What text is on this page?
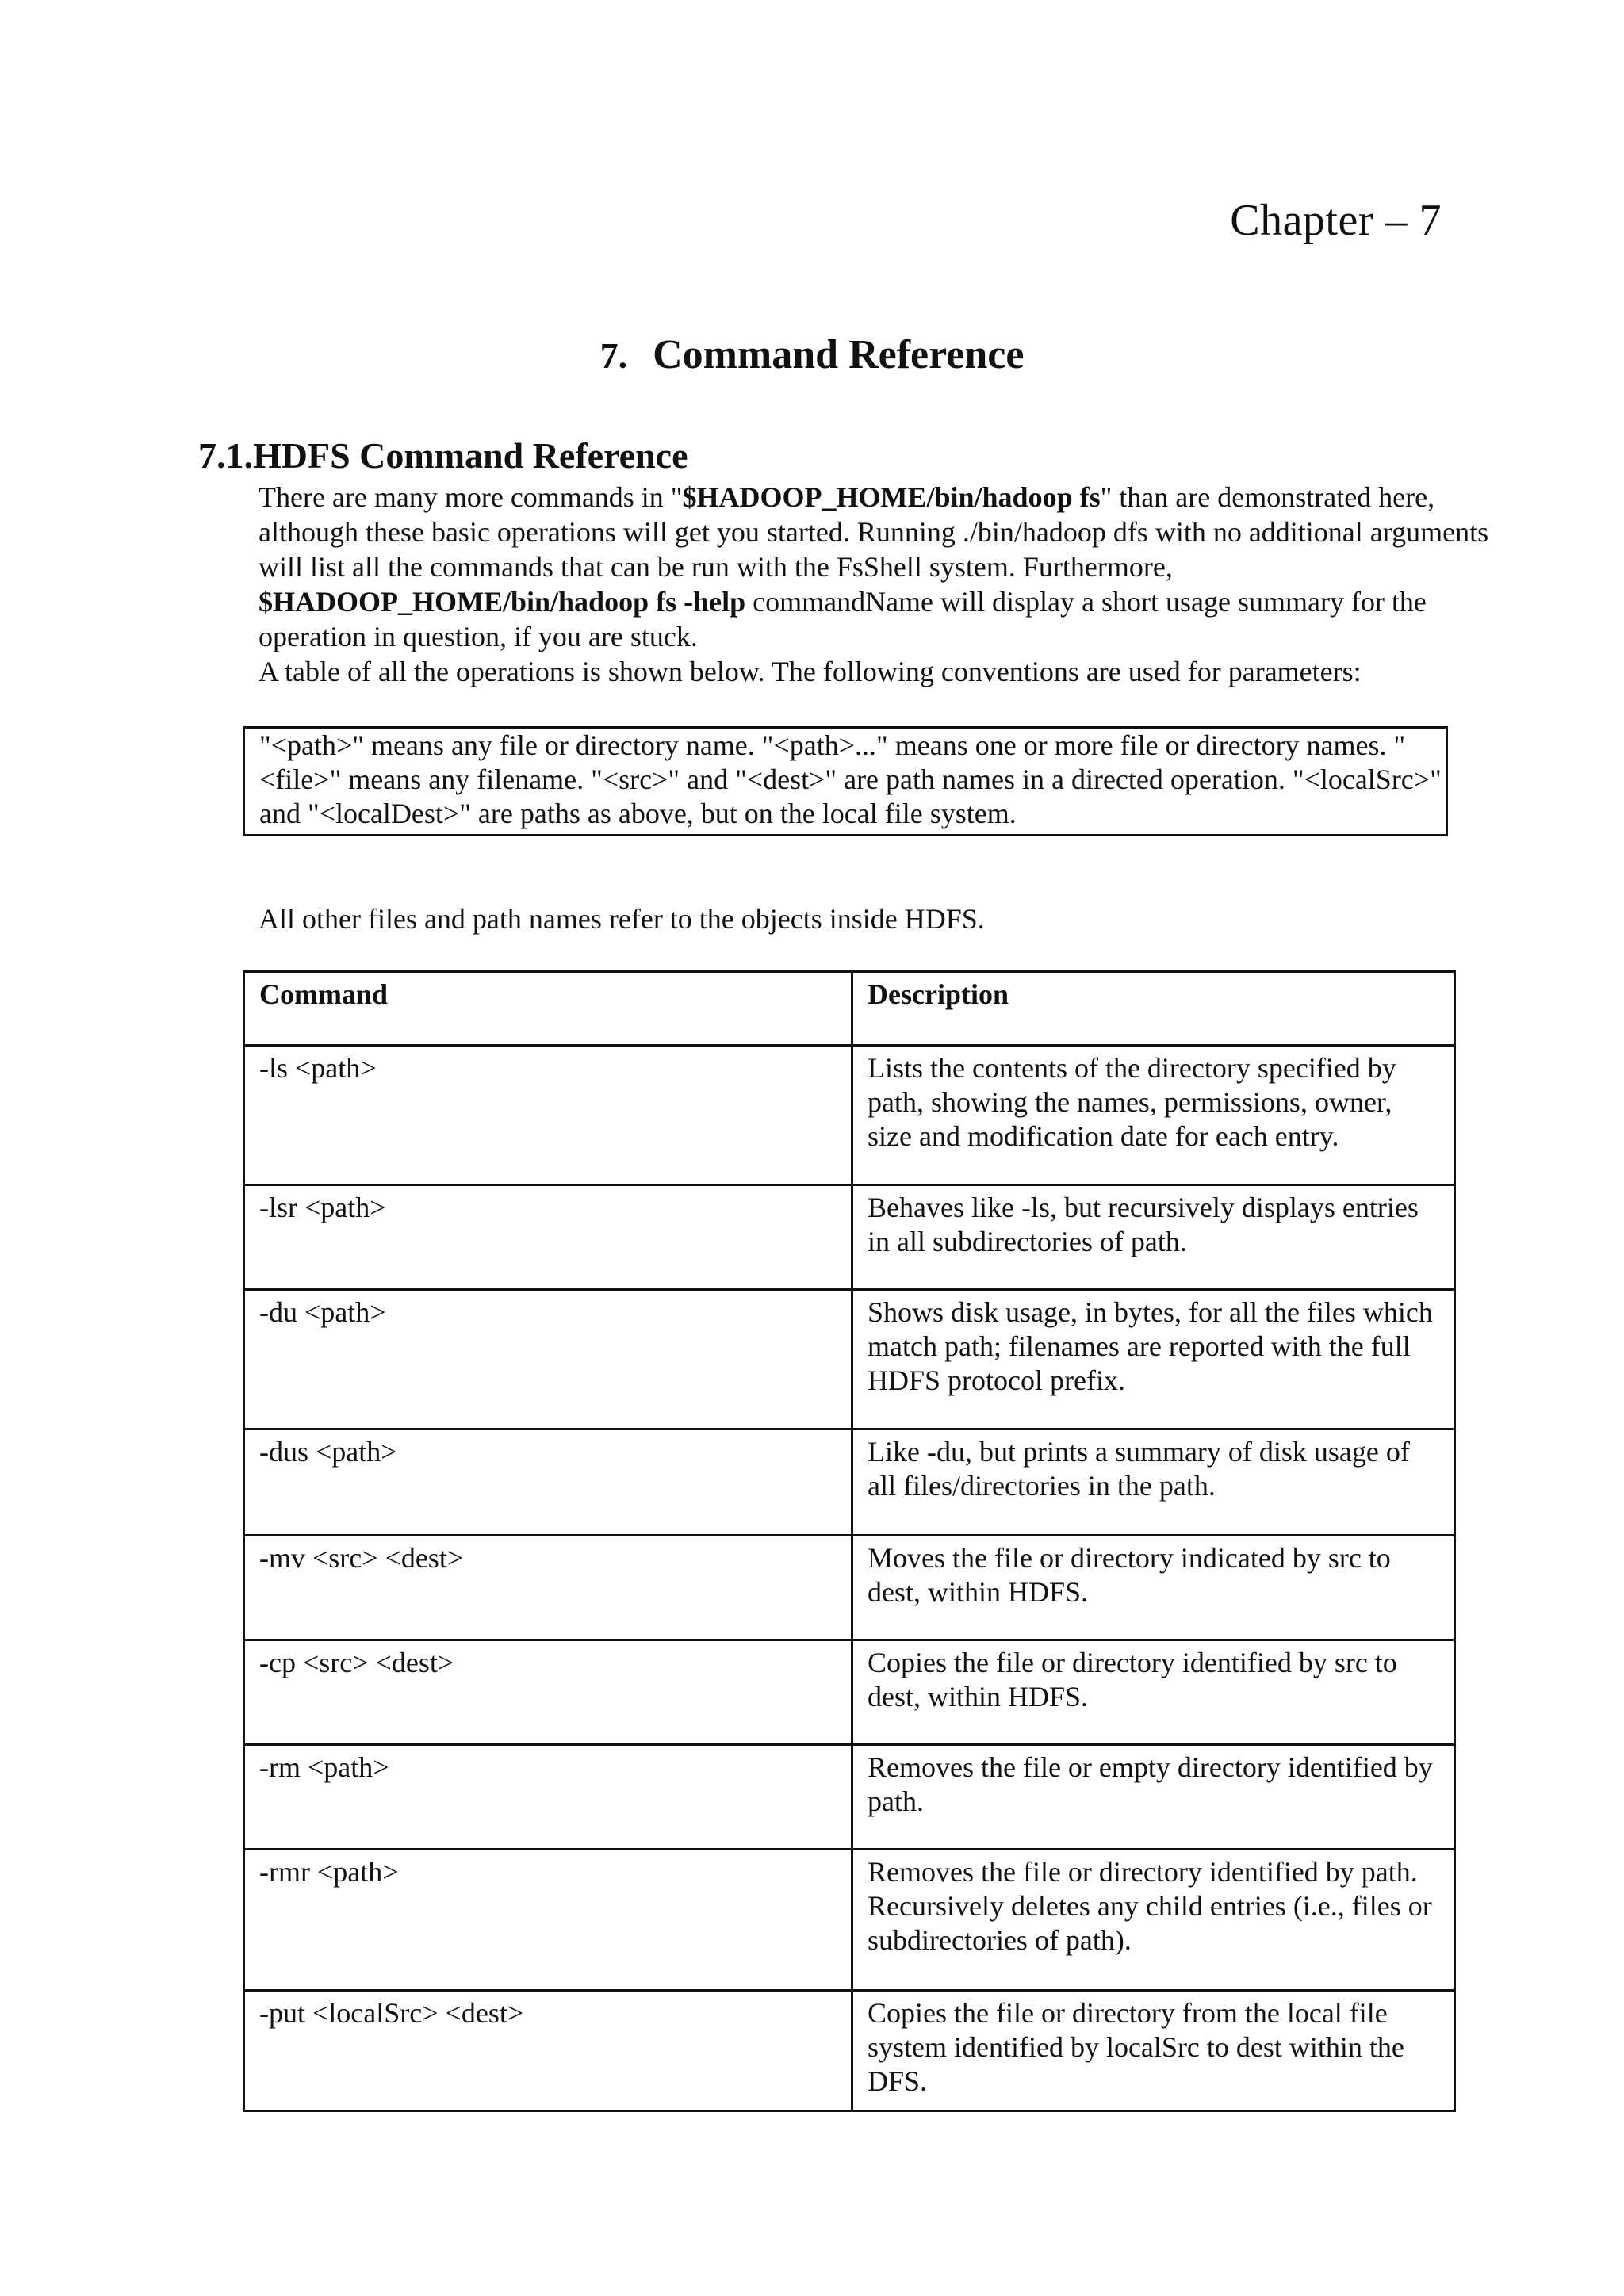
Chapter – 7
7. Command Reference
7.1.HDFS Command Reference

There are many more commands in "$HADOOP_HOME/bin/hadoop fs" than are demonstrated here, although these basic operations will get you started. Running ./bin/hadoop dfs with no additional arguments will list all the commands that can be run with the FsShell system. Furthermore, $HADOOP_HOME/bin/hadoop fs -help commandName will display a short usage summary for the operation in question, if you are stuck.

A table of all the operations is shown below. The following conventions are used for parameters:

"<path>" means any file or directory name. "<path>..." means one or more file or directory names. "<file>" means any filename. "<src>" and "<dest>" are path names in a directed operation. "<localSrc>" and "<localDest>" are paths as above, but on the local file system.
All other files and path names refer to the objects inside HDFS.
Command	Description
-ls <path>	Lists the contents of the directory specified by path, showing the names, permissions, owner, size and modification date for each entry.
-lsr <path>	Behaves like -ls, but recursively displays entries in all subdirectories of path.
-du <path>	Shows disk usage, in bytes, for all the files which match path; filenames are reported with the full HDFS protocol prefix.
-dus <path>	Like -du, but prints a summary of disk usage of all files/directories in the path.
-mv <src> <dest>	Moves the file or directory indicated by src to dest, within HDFS.
-cp <src> <dest>	Copies the file or directory identified by src to dest, within HDFS.
-rm <path>	Removes the file or empty directory identified by path.
-rmr <path>	Removes the file or directory identified by path. Recursively deletes any child entries (i.e., files or subdirectories of path).
-put <localSrc> <dest>	Copies the file or directory from the local file system identified by localSrc to dest within the DFS.
